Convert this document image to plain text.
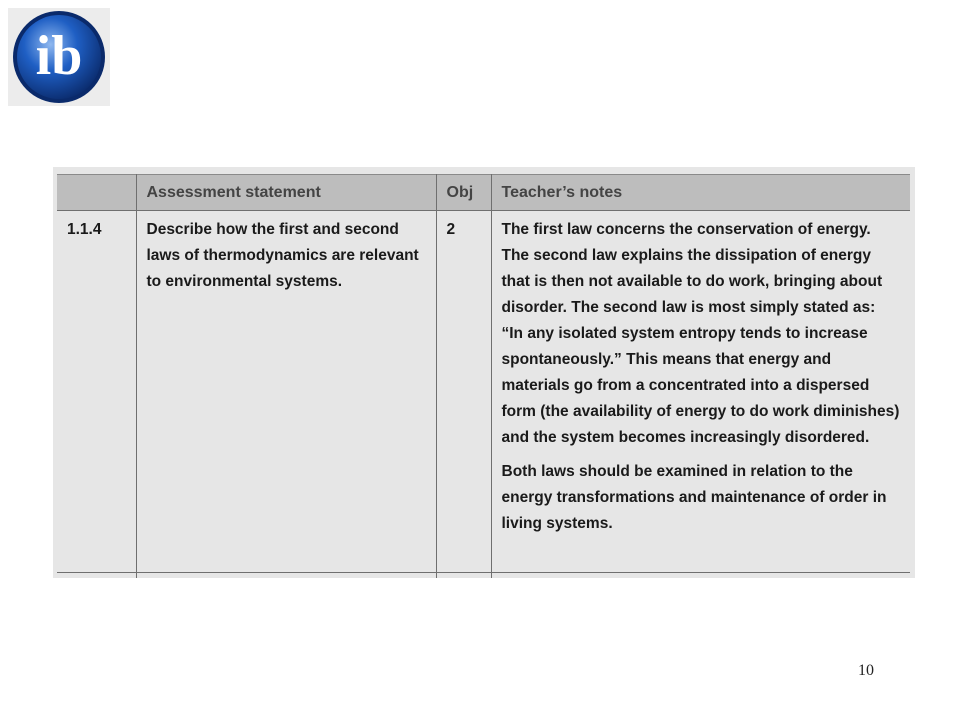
ib
	Assessment statement	Obj	Teacher’s notes
1.1.4	Describe how the first and second laws of thermodynamics are relevant to environmental systems.	2	The first law concerns the conservation of energy. The second law explains the dissipation of energy that is then not available to do work, bringing about disorder. The second law is most simply stated as: “In any isolated system entropy tends to increase spontaneously.” This means that energy and materials go from a concentrated into a dispersed form (the availability of energy to do work diminishes) and the system becomes increasingly disordered.

Both laws should be examined in relation to the energy transformations and maintenance of order in living systems.

10
